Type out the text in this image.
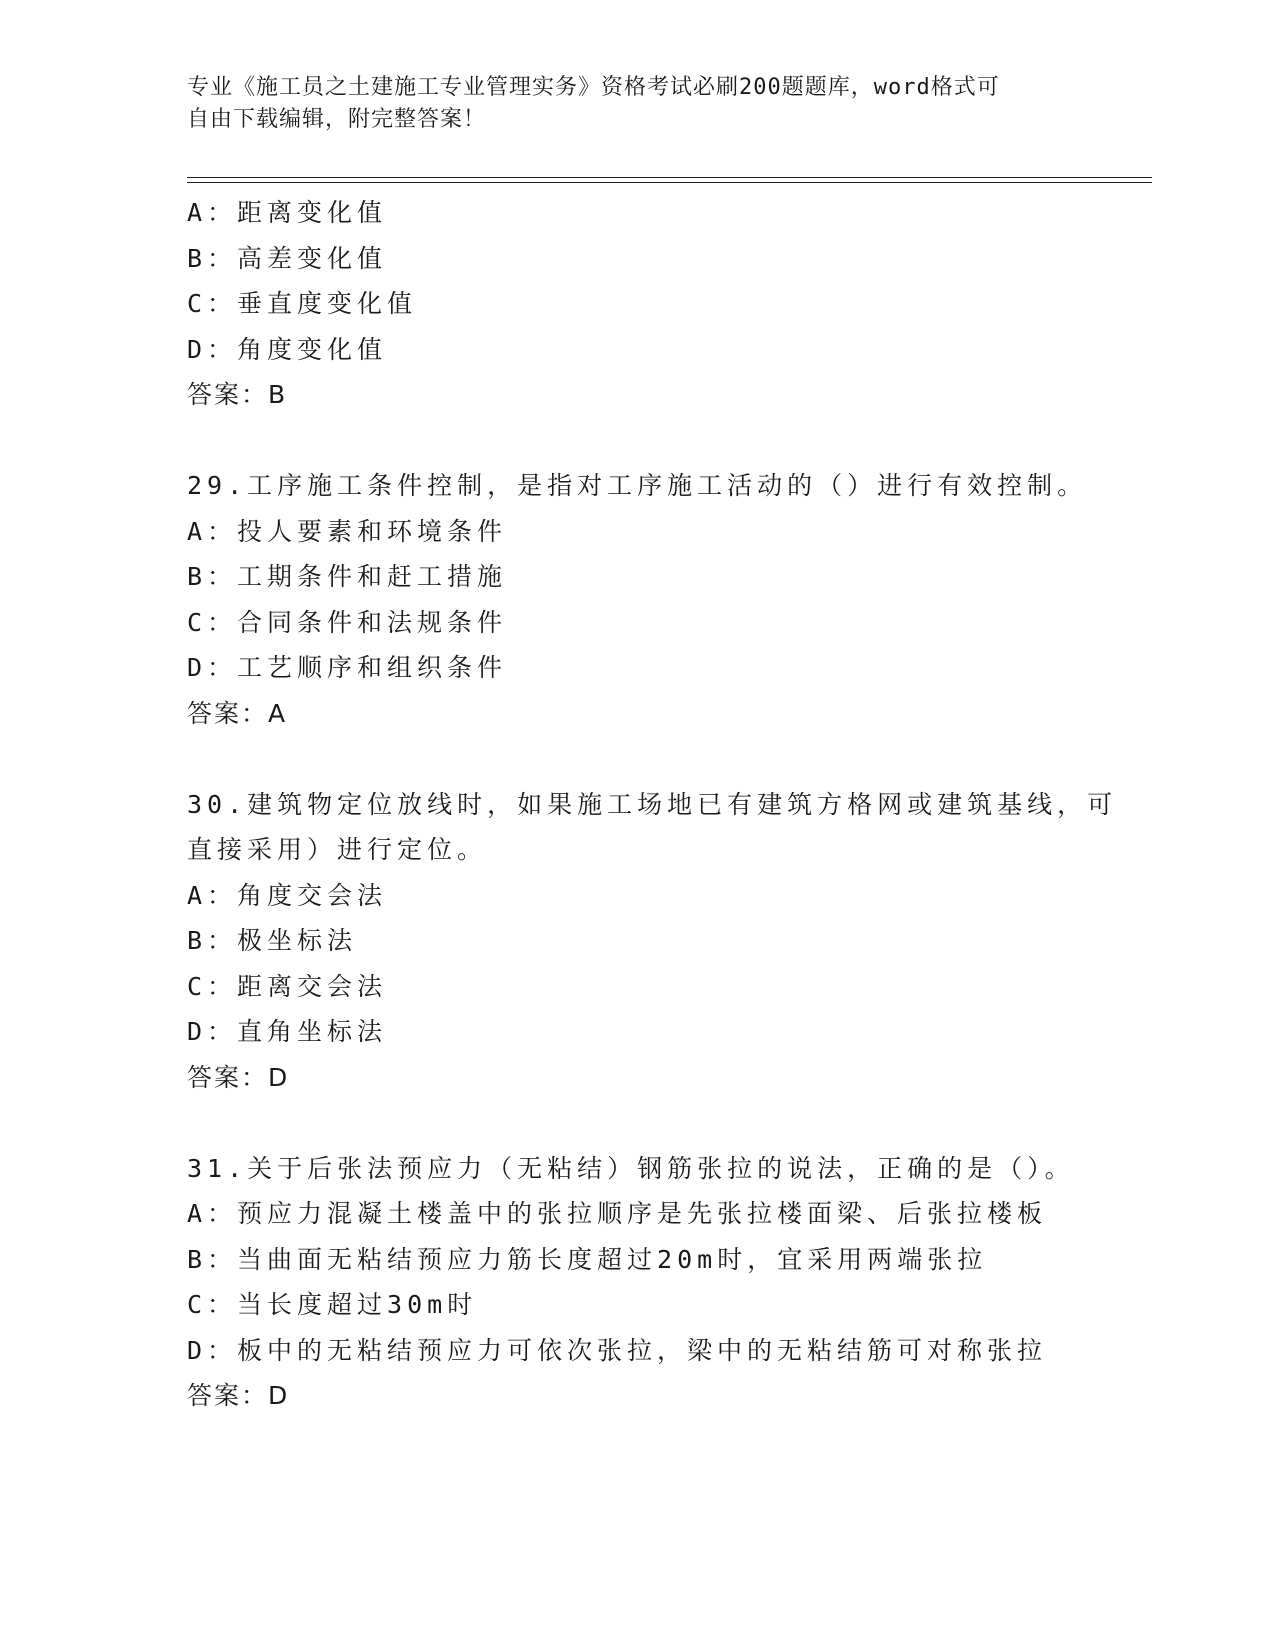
专业《施工员之土建施工专业管理实务》资格考试必刷200题题库，word格式可
自由下载编辑，附完整答案！
A：距离变化值
B：高差变化值
C：垂直度变化值
D：角度变化值
答案：B
29.工序施工条件控制，是指对工序施工活动的（）进行有效控制。
A：投人要素和环境条件
B：工期条件和赶工措施
C：合同条件和法规条件
D：工艺顺序和组织条件
答案：A
30.建筑物定位放线时，如果施工场地已有建筑方格网或建筑基线，可
直接采用）进行定位。
A：角度交会法
B：极坐标法
C：距离交会法
D：直角坐标法
答案：D
31.关于后张法预应力（无粘结）钢筋张拉的说法，正确的是（）。
A：预应力混凝土楼盖中的张拉顺序是先张拉楼面梁、后张拉楼板
B：当曲面无粘结预应力筋长度超过20m时，宜采用两端张拉
C：当长度超过30m时
D：板中的无粘结预应力可依次张拉，梁中的无粘结筋可对称张拉
答案：D
